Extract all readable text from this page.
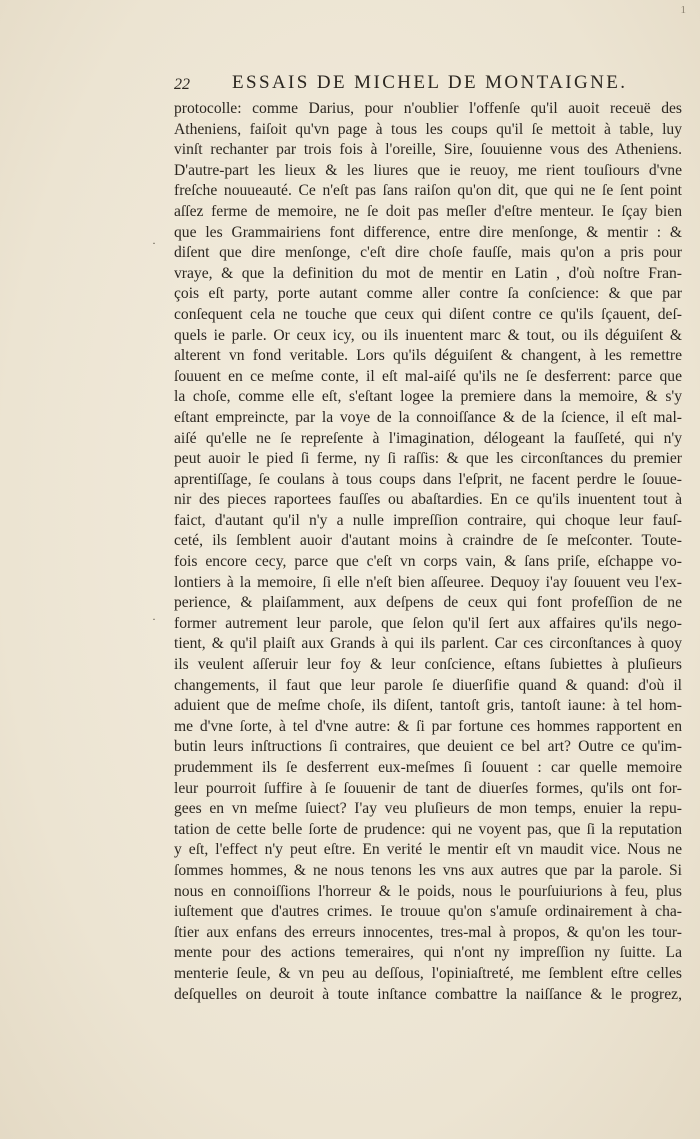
1
22 ESSAIS DE MICHEL DE MONTAIGNE.
·
·
protocolle: comme Darius, pour n'oublier l'offenſe qu'il auoit receuë des
Atheniens, faiſoit qu'vn page à tous les coups qu'il ſe mettoit à table, luy
vinſt rechanter par trois fois à l'oreille, Sire, ſouuienne vous des Atheniens.
D'autre-part les lieux & les liures que ie reuoy, me rient touſiours d'vne
freſche nouueauté. Ce n'eſt pas ſans raiſon qu'on dit, que qui ne ſe ſent point
aſſez ferme de memoire, ne ſe doit pas meſler d'eſtre menteur. Ie ſçay bien
que les Grammairiens font difference, entre dire menſonge, & mentir : &
diſent que dire menſonge, c'eſt dire choſe fauſſe, mais qu'on a pris pour
vraye, & que la definition du mot de mentir en Latin , d'où noſtre Fran-
çois eſt party, porte autant comme aller contre ſa conſcience: & que par
conſequent cela ne touche que ceux qui diſent contre ce qu'ils ſçauent, deſ-
quels ie parle. Or ceux icy, ou ils inuentent marc & tout, ou ils déguiſent &
alterent vn fond veritable. Lors qu'ils déguiſent & changent, à les remettre
ſouuent en ce meſme conte, il eſt mal-aiſé qu'ils ne ſe desferrent: parce que
la choſe, comme elle eſt, s'eſtant logee la premiere dans la memoire, & s'y
eſtant empreincte, par la voye de la connoiſſance & de la ſcience, il eſt mal-
aiſé qu'elle ne ſe repreſente à l'imagination, délogeant la fauſſeté, qui n'y
peut auoir le pied ſi ferme, ny ſi raſſis: & que les circonſtances du premier
aprentiſſage, ſe coulans à tous coups dans l'eſprit, ne facent perdre le ſouue-
nir des pieces raportees fauſſes ou abaſtardies. En ce qu'ils inuentent tout à
faict, d'autant qu'il n'y a nulle impreſſion contraire, qui choque leur fauſ-
ceté, ils ſemblent auoir d'autant moins à craindre de ſe meſconter. Toute-
fois encore cecy, parce que c'eſt vn corps vain, & ſans priſe, eſchappe vo-
lontiers à la memoire, ſi elle n'eſt bien aſſeuree. Dequoy i'ay ſouuent veu l'ex-
perience, & plaiſamment, aux deſpens de ceux qui font profeſſion de ne
former autrement leur parole, que ſelon qu'il ſert aux affaires qu'ils nego-
tient, & qu'il plaiſt aux Grands à qui ils parlent. Car ces circonſtances à quoy
ils veulent aſſeruir leur foy & leur conſcience, eſtans ſubiettes à pluſieurs
changements, il faut que leur parole ſe diuerſifie quand & quand: d'où il
aduient que de meſme choſe, ils diſent, tantoſt gris, tantoſt iaune: à tel hom-
me d'vne ſorte, à tel d'vne autre: & ſi par fortune ces hommes rapportent en
butin leurs inſtructions ſi contraires, que deuient ce bel art? Outre ce qu'im-
prudemment ils ſe desferrent eux-meſmes ſi ſouuent : car quelle memoire
leur pourroit ſuffire à ſe ſouuenir de tant de diuerſes formes, qu'ils ont for-
gees en vn meſme ſuiect? I'ay veu pluſieurs de mon temps, enuier la repu-
tation de cette belle ſorte de prudence: qui ne voyent pas, que ſi la reputation
y eſt, l'effect n'y peut eſtre. En verité le mentir eſt vn maudit vice. Nous ne
ſommes hommes, & ne nous tenons les vns aux autres que par la parole. Si
nous en connoiſſions l'horreur & le poids, nous le pourſuiurions à feu, plus
iuſtement que d'autres crimes. Ie trouue qu'on s'amuſe ordinairement à cha-
ſtier aux enfans des erreurs innocentes, tres-mal à propos, & qu'on les tour-
mente pour des actions temeraires, qui n'ont ny impreſſion ny ſuitte. La
menterie ſeule, & vn peu au deſſous, l'opiniaſtreté, me ſemblent eſtre celles
deſquelles on deuroit à toute inſtance combattre la naiſſance & le progrez,
